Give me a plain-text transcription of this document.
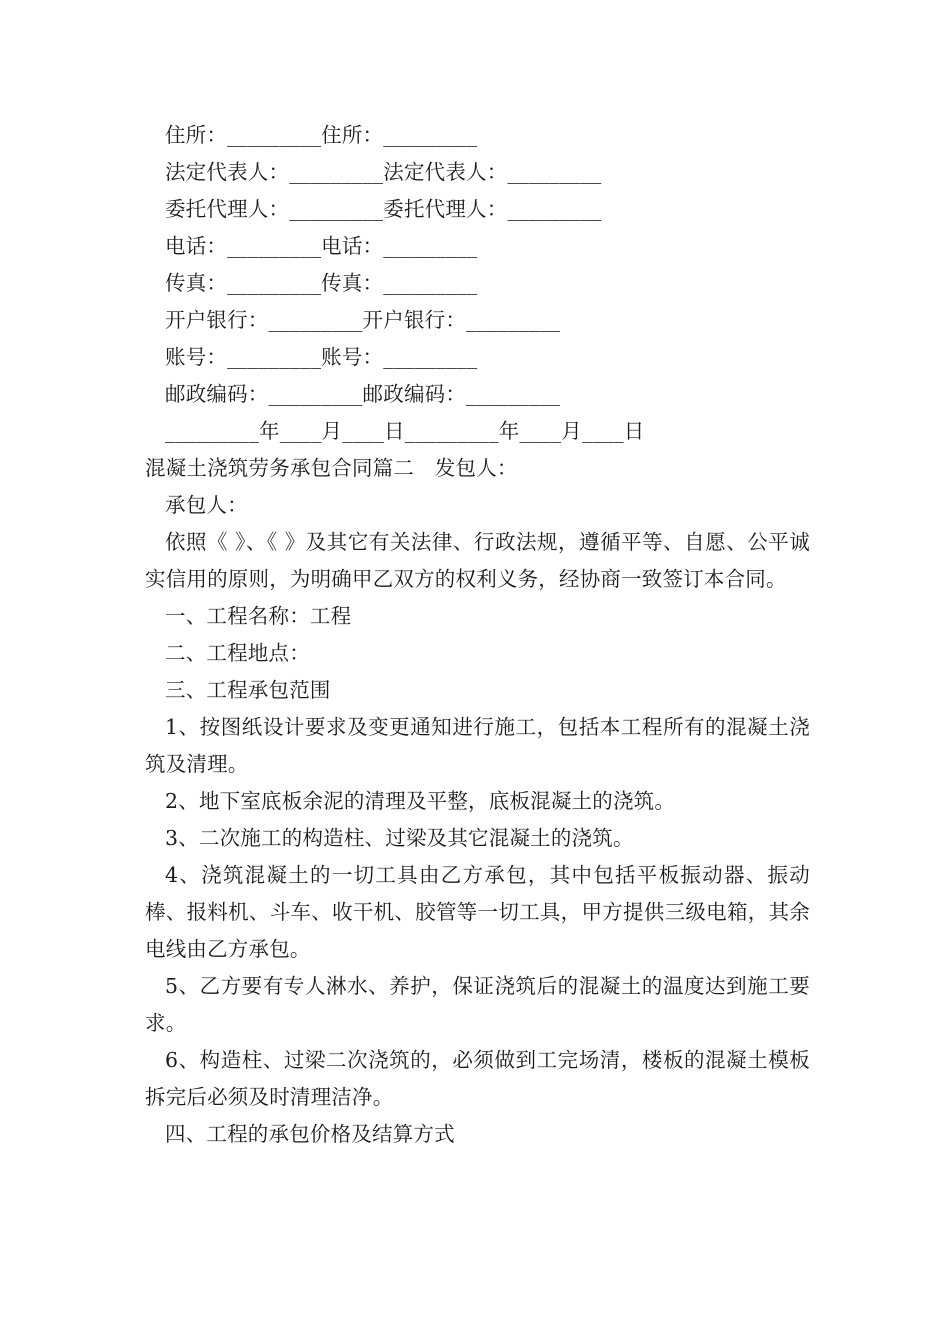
住所：_________住所：_________
法定代表人：_________法定代表人：_________
委托代理人：_________委托代理人：_________
电话：_________电话：_________
传真：_________传真：_________
开户银行：_________开户银行：_________
账号：_________账号：_________
邮政编码：_________邮政编码：_________
_________年____月____日_________年____月____日
混凝土浇筑劳务承包合同篇二　发包人：
承包人：
依照《 》、《 》及其它有关法律、行政法规，遵循平等、自愿、公平诚实信用的原则，为明确甲乙双方的权利义务，经协商一致签订本合同。
一、工程名称：工程
二、工程地点：
三、工程承包范围
1、按图纸设计要求及变更通知进行施工，包括本工程所有的混凝土浇筑及清理。
2、地下室底板余泥的清理及平整，底板混凝土的浇筑。
3、二次施工的构造柱、过梁及其它混凝土的浇筑。
4、浇筑混凝土的一切工具由乙方承包，其中包括平板振动器、振动棒、报料机、斗车、收干机、胶管等一切工具，甲方提供三级电箱，其余电线由乙方承包。
5、乙方要有专人淋水、养护，保证浇筑后的混凝土的温度达到施工要求。
6、构造柱、过梁二次浇筑的，必须做到工完场清，楼板的混凝土模板拆完后必须及时清理洁净。
四、工程的承包价格及结算方式
